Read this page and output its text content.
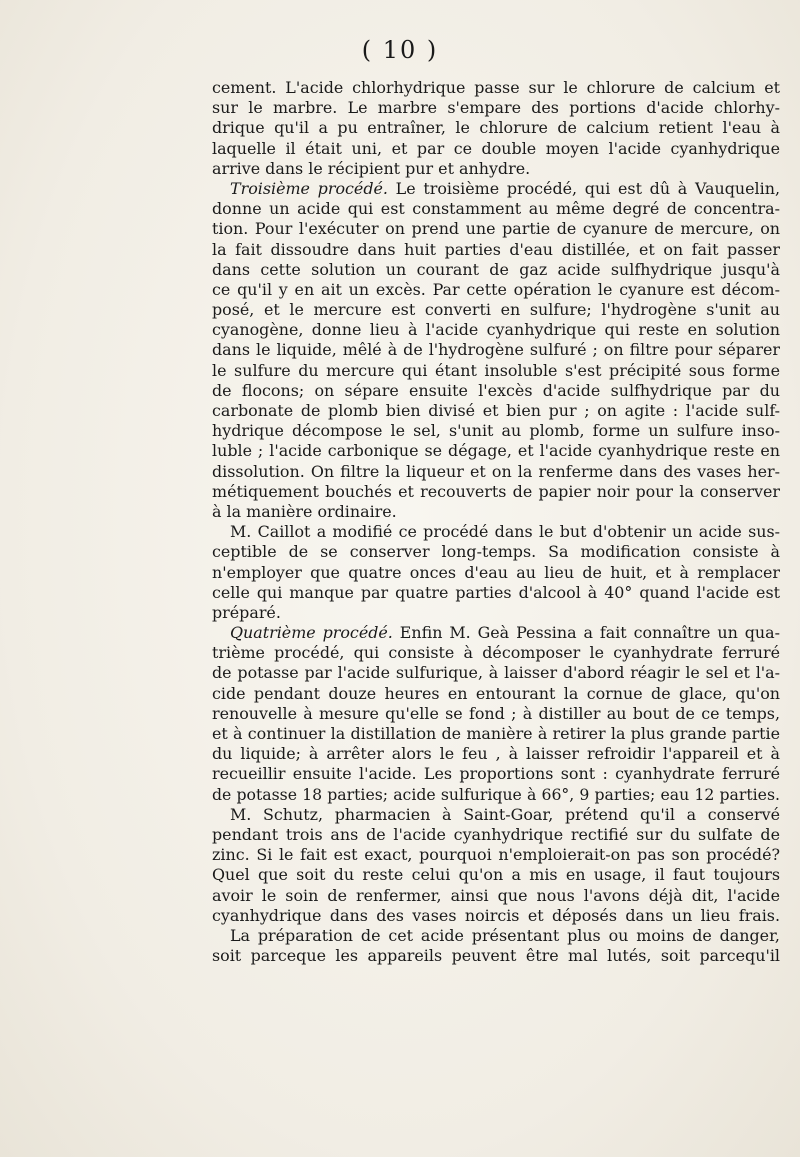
( 10 )
cement. L'acide chlorhydrique passe sur le chlorure de calcium et
sur le marbre. Le marbre s'empare des portions d'acide chlorhy-
drique qu'il a pu entraîner, le chlorure de calcium retient l'eau à
laquelle il était uni, et par ce double moyen l'acide cyanhydrique
arrive dans le récipient pur et anhydre.
Troisième procédé. Le troisième procédé, qui est dû à Vauquelin,
donne un acide qui est constamment au même degré de concentra-
tion. Pour l'exécuter on prend une partie de cyanure de mercure, on
la fait dissoudre dans huit parties d'eau distillée, et on fait passer
dans cette solution un courant de gaz acide sulfhydrique jusqu'à
ce qu'il y en ait un excès. Par cette opération le cyanure est décom-
posé, et le mercure est converti en sulfure; l'hydrogène s'unit au
cyanogène, donne lieu à l'acide cyanhydrique qui reste en solution
dans le liquide, mêlé à de l'hydrogène sulfuré ; on filtre pour séparer
le sulfure du mercure qui étant insoluble s'est précipité sous forme
de flocons; on sépare ensuite l'excès d'acide sulfhydrique par du
carbonate de plomb bien divisé et bien pur ; on agite : l'acide sulf-
hydrique décompose le sel, s'unit au plomb, forme un sulfure inso-
luble ; l'acide carbonique se dégage, et l'acide cyanhydrique reste en
dissolution. On filtre la liqueur et on la renferme dans des vases her-
métiquement bouchés et recouverts de papier noir pour la conserver
à la manière ordinaire.
M. Caillot a modifié ce procédé dans le but d'obtenir un acide sus-
ceptible de se conserver long-temps. Sa modification consiste à
n'employer que quatre onces d'eau au lieu de huit, et à remplacer
celle qui manque par quatre parties d'alcool à 40° quand l'acide est
préparé.
Quatrième procédé. Enfin M. Geà Pessina a fait connaître un qua-
trième procédé, qui consiste à décomposer le cyanhydrate ferruré
de potasse par l'acide sulfurique, à laisser d'abord réagir le sel et l'a-
cide pendant douze heures en entourant la cornue de glace, qu'on
renouvelle à mesure qu'elle se fond ; à distiller au bout de ce temps,
et à continuer la distillation de manière à retirer la plus grande partie
du liquide; à arrêter alors le feu , à laisser refroidir l'appareil et à
recueillir ensuite l'acide. Les proportions sont : cyanhydrate ferruré
de potasse 18 parties; acide sulfurique à 66°, 9 parties; eau 12 parties.
M. Schutz, pharmacien à Saint-Goar, prétend qu'il a conservé
pendant trois ans de l'acide cyanhydrique rectifié sur du sulfate de
zinc. Si le fait est exact, pourquoi n'emploierait-on pas son procédé?
Quel que soit du reste celui qu'on a mis en usage, il faut toujours
avoir le soin de renfermer, ainsi que nous l'avons déjà dit, l'acide
cyanhydrique dans des vases noircis et déposés dans un lieu frais.
La préparation de cet acide présentant plus ou moins de danger,
soit parceque les appareils peuvent être mal lutés, soit parcequ'il
